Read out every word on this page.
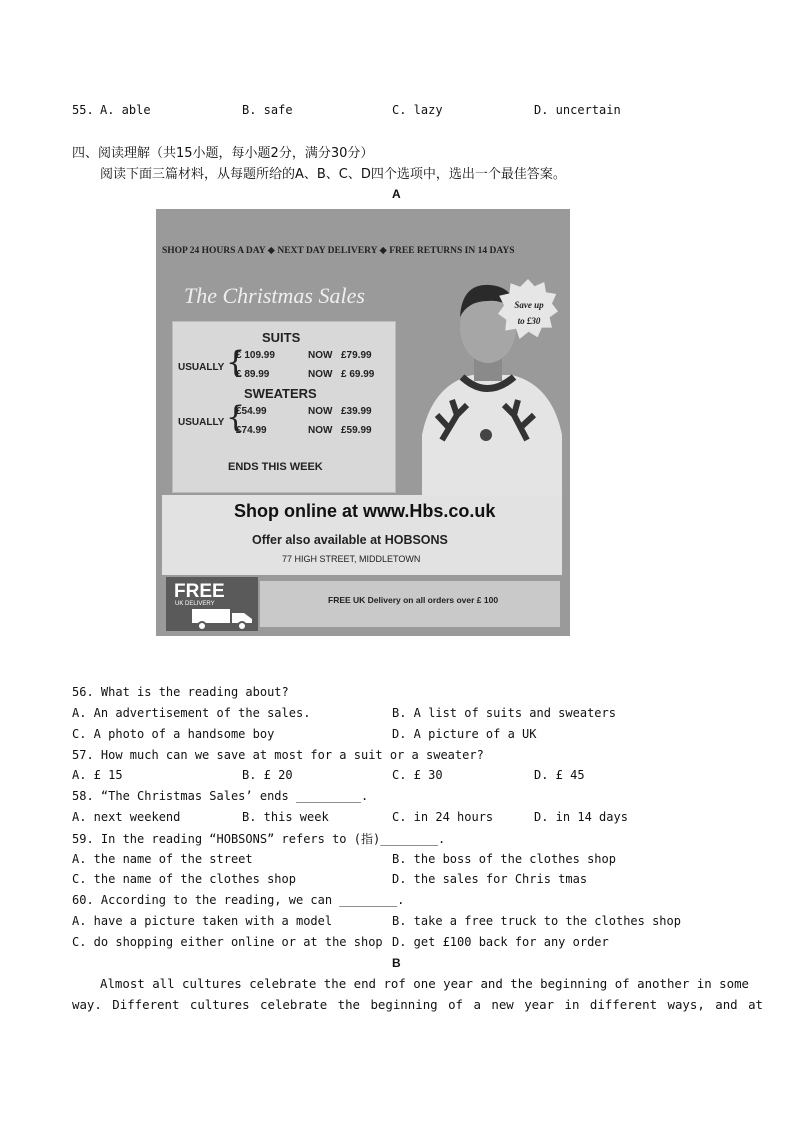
55. A. able	B. safe	C. lazy	D. uncertain
四、阅读理解（共15小题，每小题2分，满分30分）
阅读下面三篇材料，从每题所给的A、B、C、D四个选项中，选出一个最佳答案。
A
SHOP 24 HOURS A DAY ◆ NEXT DAY DELIVERY ◆ FREE RETURNS IN 14 DAYS
The Christmas Sales	Save up
to £30
SUITS
USUALLY {
£ 109.99	NOW £79.99
£ 89.99	NOW £ 69.99
SWEATERS
USUALLY {
£54.99	NOW £39.99
£74.99	NOW £59.99
ENDS THIS WEEK
Shop online at www.Hbs.co.uk
Offer also available at HOBSONS
77 HIGH STREET, MIDDLETOWN
FREE
UK DELIVERY	FREE UK Delivery on all orders over £ 100
56. What is the reading about?
A. An advertisement of the sales.	B. A list of suits and sweaters
C. A photo of a handsome boy	D. A picture of a UK
57. How much can we save at most for a suit or a sweater?
A. £ 15	B. £ 20	C. £ 30	D. £ 45
58. “The Christmas Sales’ ends _________.
A. next weekend	B. this week	C. in 24 hours	D. in 14 days
59. In the reading “HOBSONS” refers to (指)________.
A. the name of the street	B. the boss of the clothes shop
C. the name of the clothes shop	D. the sales for Chris tmas
60. According to the reading, we can ________.
A. have a picture taken with a model	B. take a free truck to the clothes shop
C. do shopping either online or at the shop D. get £100 back for any order
B
Almost all cultures celebrate the end rof one year and the beginning of another in some
way. Different cultures celebrate the beginning of a new year in different ways, and at
